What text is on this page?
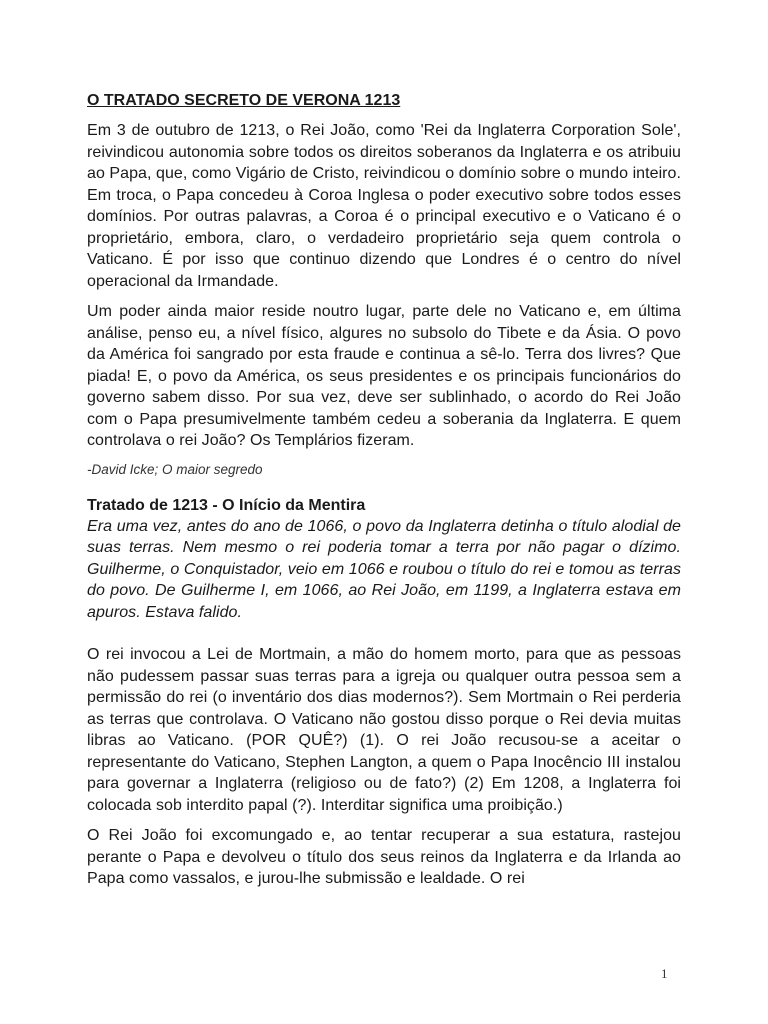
O TRATADO SECRETO DE VERONA 1213

Em 3 de outubro de 1213, o Rei João, como 'Rei da Inglaterra Corporation Sole', reivindicou autonomia sobre todos os direitos soberanos da Inglaterra e os atribuiu ao Papa, que, como Vigário de Cristo, reivindicou o domínio sobre o mundo inteiro. Em troca, o Papa concedeu à Coroa Inglesa o poder executivo sobre todos esses domínios. Por outras palavras, a Coroa é o principal executivo e o Vaticano é o proprietário, embora, claro, o verdadeiro proprietário seja quem controla o Vaticano. É por isso que continuo dizendo que Londres é o centro do nível operacional da Irmandade.

Um poder ainda maior reside noutro lugar, parte dele no Vaticano e, em última análise, penso eu, a nível físico, algures no subsolo do Tibete e da Ásia. O povo da América foi sangrado por esta fraude e continua a sê-lo. Terra dos livres? Que piada! E, o povo da América, os seus presidentes e os principais funcionários do governo sabem disso. Por sua vez, deve ser sublinhado, o acordo do Rei João com o Papa presumivelmente também cedeu a soberania da Inglaterra. E quem controlava o rei João? Os Templários fizeram.

-David Icke; O maior segredo

Tratado de 1213 - O Início da Mentira

Era uma vez, antes do ano de 1066, o povo da Inglaterra detinha o título alodial de suas terras. Nem mesmo o rei poderia tomar a terra por não pagar o dízimo. Guilherme, o Conquistador, veio em 1066 e roubou o título do rei e tomou as terras do povo. De Guilherme I, em 1066, ao Rei João, em 1199, a Inglaterra estava em apuros. Estava falido.

O rei invocou a Lei de Mortmain, a mão do homem morto, para que as pessoas não pudessem passar suas terras para a igreja ou qualquer outra pessoa sem a permissão do rei (o inventário dos dias modernos?). Sem Mortmain o Rei perderia as terras que controlava. O Vaticano não gostou disso porque o Rei devia muitas libras ao Vaticano. (POR QUÊ?) (1). O rei João recusou-se a aceitar o representante do Vaticano, Stephen Langton, a quem o Papa Inocêncio III instalou para governar a Inglaterra (religioso ou de fato?) (2) Em 1208, a Inglaterra foi colocada sob interdito papal (?). Interditar significa uma proibição.)

O Rei João foi excomungado e, ao tentar recuperar a sua estatura, rastejou perante o Papa e devolveu o título dos seus reinos da Inglaterra e da Irlanda ao Papa como vassalos, e jurou-lhe submissão e lealdade. O rei

1
